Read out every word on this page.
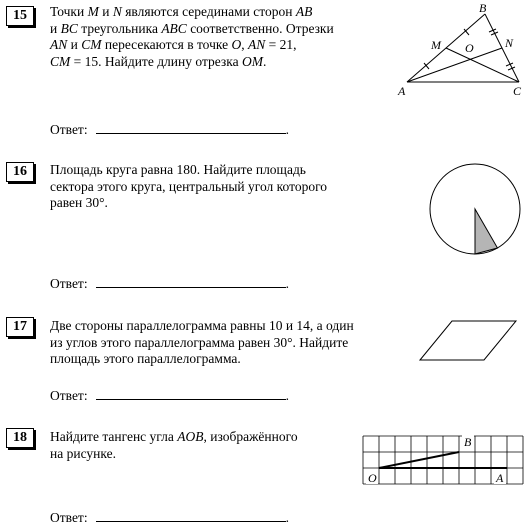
15	Точки M и N являются серединами сторон AB
и BC треугольника ABC соответственно. Отрезки
AN и CM пересекаются в точке O, AN = 21,
CM = 15. Найдите длину отрезка OM.
B
A	C
M	N
O
Ответ:	.
16	Площадь круга равна 180. Найдите площадь
сектора этого круга, центральный угол которого
равен 30°.
Ответ:	.
17	Две стороны параллелограмма равны 10 и 14, а один
из углов этого параллелограмма равен 30°. Найдите
площадь этого параллелограмма.
Ответ:	.
18	Найдите тангенс угла AOB, изображённого
на рисунке.
O	A
B
Ответ:	.
